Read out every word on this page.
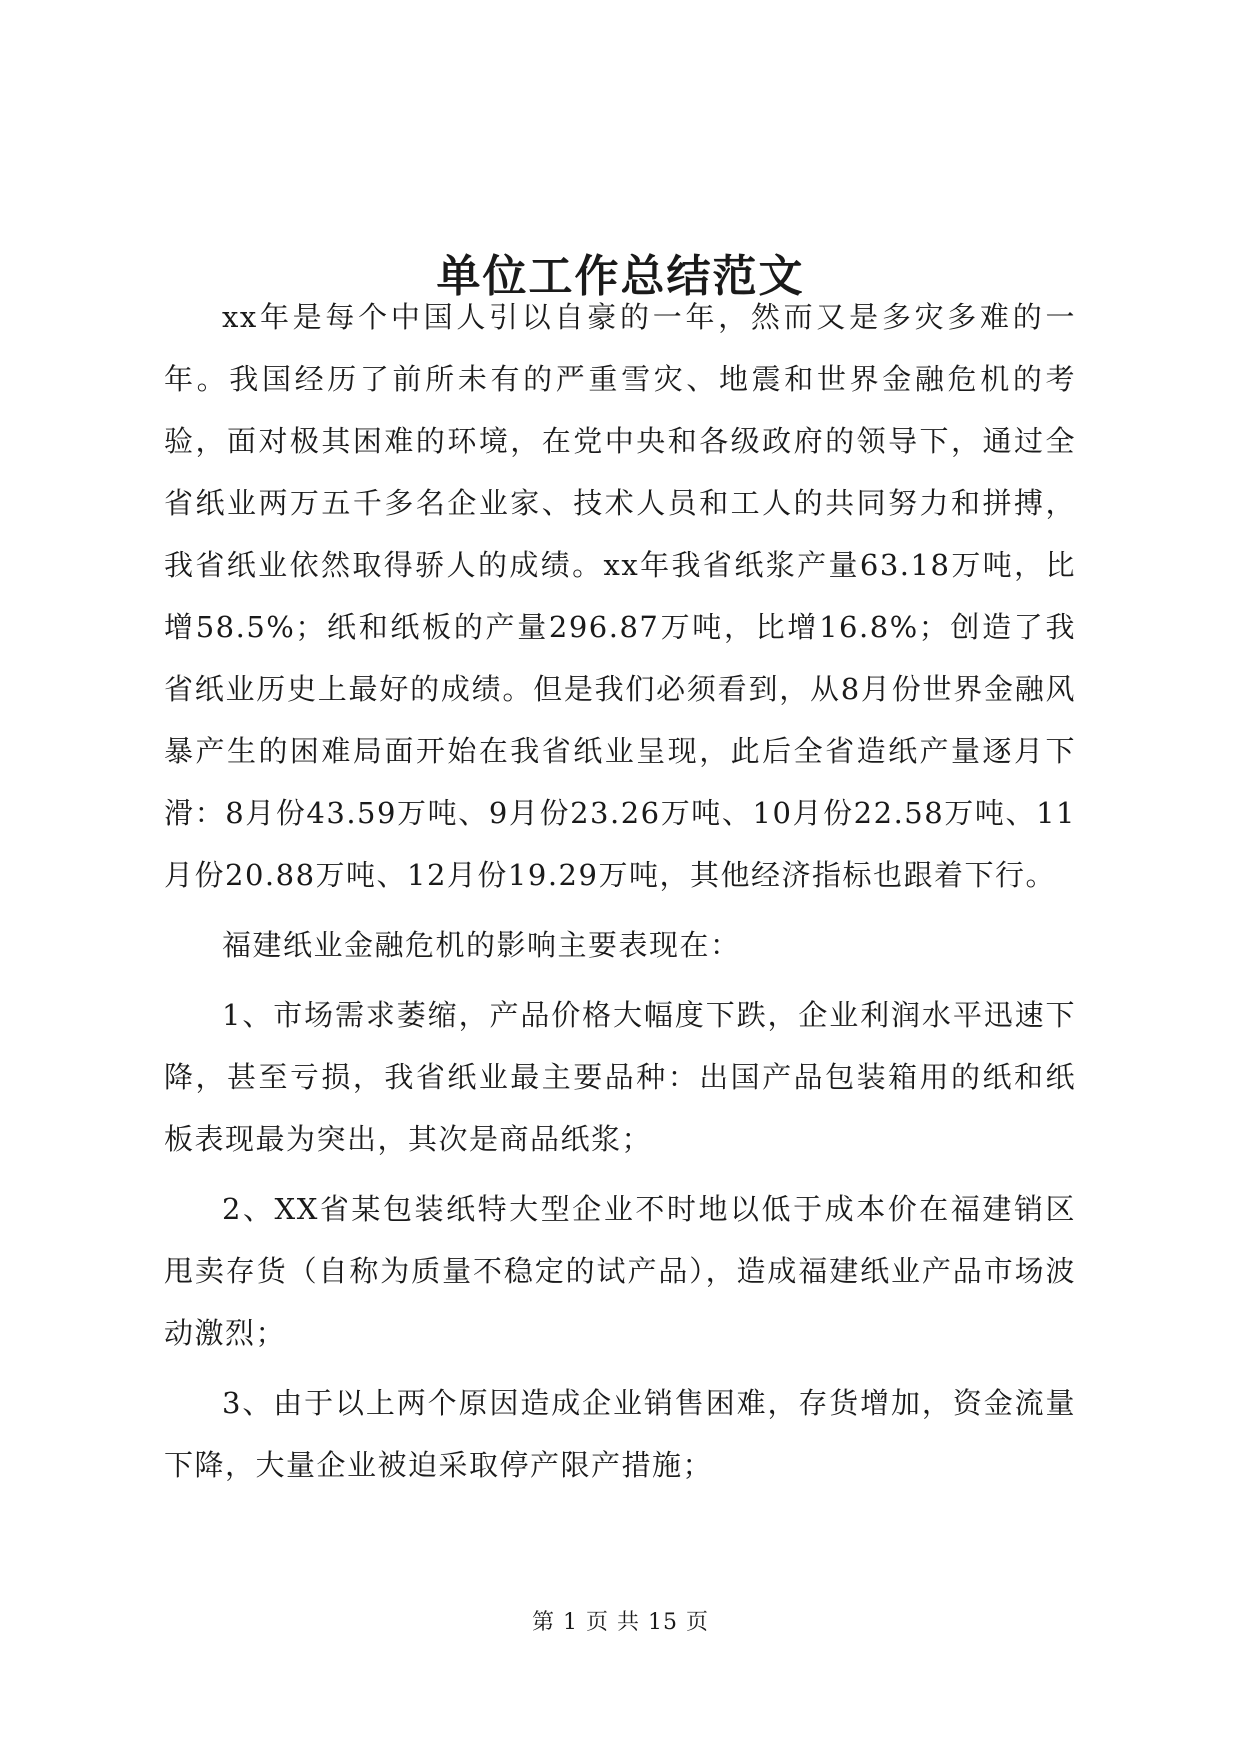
单位工作总结范文

xx年是每个中国人引以自豪的一年，然而又是多灾多难的一年。我国经历了前所未有的严重雪灾、地震和世界金融危机的考验，面对极其困难的环境，在党中央和各级政府的领导下，通过全省纸业两万五千多名企业家、技术人员和工人的共同努力和拼搏，我省纸业依然取得骄人的成绩。xx年我省纸浆产量63.18万吨，比增58.5%；纸和纸板的产量296.87万吨，比增16.8%；创造了我省纸业历史上最好的成绩。但是我们必须看到，从8月份世界金融风暴产生的困难局面开始在我省纸业呈现，此后全省造纸产量逐月下滑：8月份43.59万吨、9月份23.26万吨、10月份22.58万吨、11月份20.88万吨、12月份19.29万吨，其他经济指标也跟着下行。

福建纸业金融危机的影响主要表现在：

1、市场需求萎缩，产品价格大幅度下跌，企业利润水平迅速下降，甚至亏损，我省纸业最主要品种：出国产品包装箱用的纸和纸板表现最为突出，其次是商品纸浆；

2、XX省某包装纸特大型企业不时地以低于成本价在福建销区甩卖存货（自称为质量不稳定的试产品），造成福建纸业产品市场波动激烈；

3、由于以上两个原因造成企业销售困难，存货增加，资金流量下降，大量企业被迫采取停产限产措施；

第 1 页 共 15 页
